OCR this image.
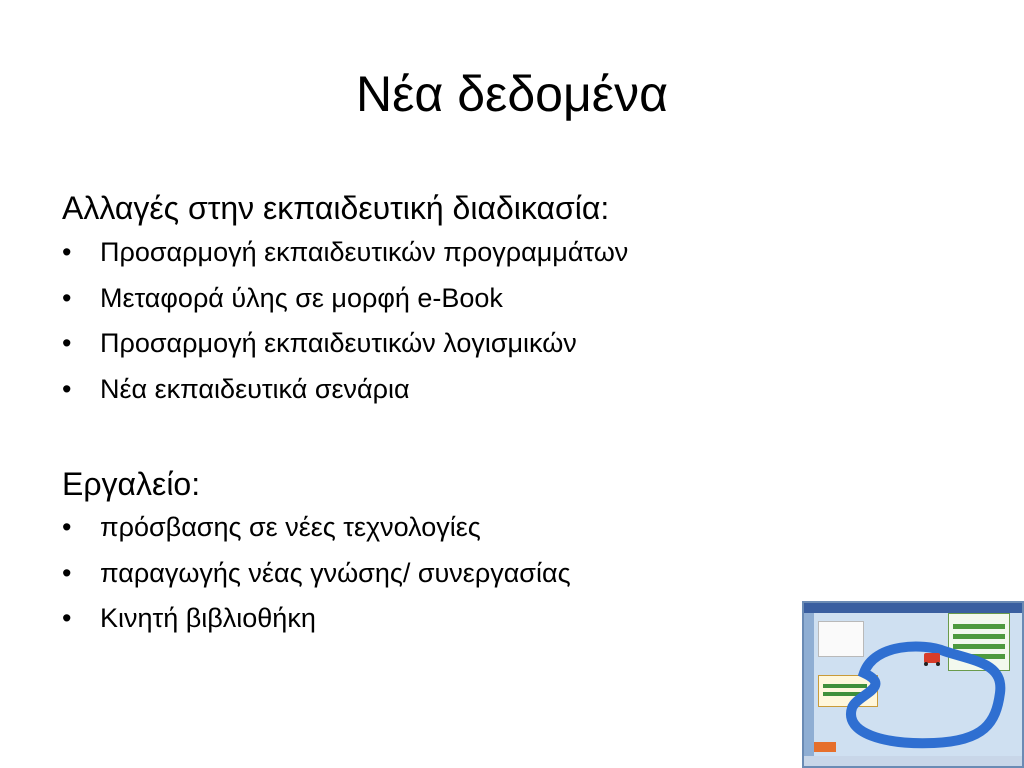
Νέα δεδομένα
Αλλαγές στην εκπαιδευτική διαδικασία:
• Προσαρμογή εκπαιδευτικών προγραμμάτων
• Μεταφορά ύλης σε μορφή e-Book
• Προσαρμογή εκπαιδευτικών λογισμικών
• Νέα εκπαιδευτικά σενάρια
Εργαλείο:
• πρόσβασης σε νέες τεχνολογίες
• παραγωγής νέας γνώσης/ συνεργασίας
• Κινητή βιβλιοθήκη
